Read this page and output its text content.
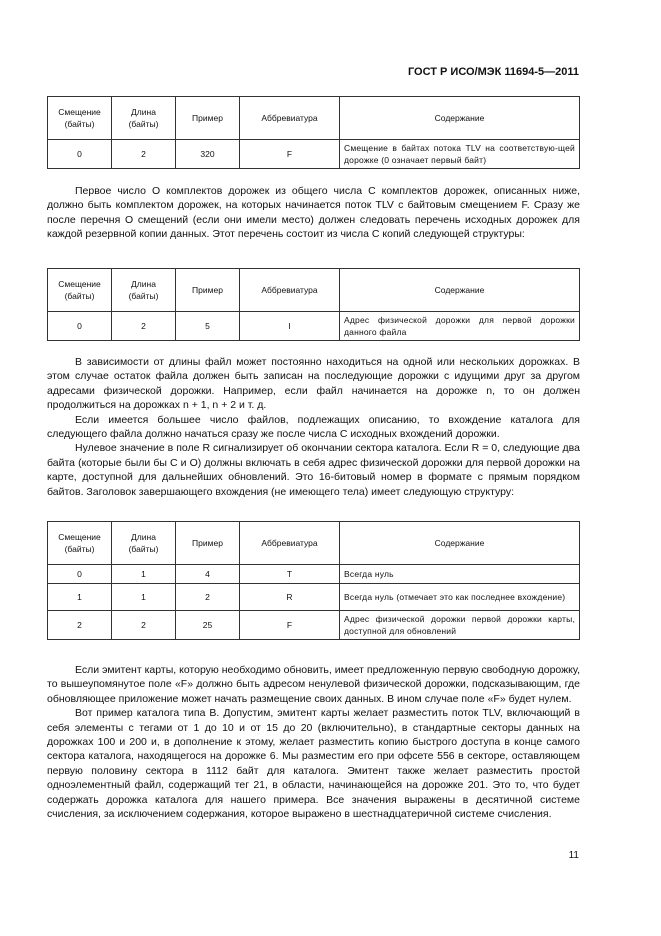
ГОСТ Р ИСО/МЭК 11694-5—2011
Смещение (байты)	Длина (байты)	Пример	Аббревиатура	Содержание
0	2	320	F	Смещение в байтах потока TLV на соответствую-щей дорожке (0 означает первый байт)
Первое число O комплектов дорожек из общего числа C комплектов дорожек, описанных ниже, должно быть комплектом дорожек, на которых начинается поток TLV с байтовым смещением F. Сразу же после перечня O смещений (если они имели место) должен следовать перечень исходных дорожек для каждой резервной копии данных. Этот перечень состоит из числа C копий следующей структуры:
Смещение (байты)	Длина (байты)	Пример	Аббревиатура	Содержание
0	2	5	I	Адрес физической дорожки для первой дорожки данного файла
В зависимости от длины файл может постоянно находиться на одной или нескольких дорожках. В этом случае остаток файла должен быть записан на последующие дорожки с идущими друг за другом адресами физической дорожки. Например, если файл начинается на дорожке n, то он должен продолжиться на дорожках n + 1, n + 2 и т. д.
Если имеется большее число файлов, подлежащих описанию, то вхождение каталога для следующего файла должно начаться сразу же после числа C исходных вхождений дорожки.
Нулевое значение в поле R сигнализирует об окончании сектора каталога. Если R = 0, следующие два байта (которые были бы C и O) должны включать в себя адрес физической дорожки для первой дорожки на карте, доступной для дальнейших обновлений. Это 16-битовый номер в формате с прямым порядком байтов. Заголовок завершающего вхождения (не имеющего тела) имеет следующую структуру:
Смещение (байты)	Длина (байты)	Пример	Аббревиатура	Содержание
0	1	4	T	Всегда нуль
1	1	2	R	Всегда нуль (отмечает это как последнее вхождение)
2	2	25	F	Адрес физической дорожки первой дорожки карты, доступной для обновлений
Если эмитент карты, которую необходимо обновить, имеет предложенную первую свободную дорожку, то вышеупомянутое поле «F» должно быть адресом ненулевой физической дорожки, подсказывающим, где обновляющее приложение может начать размещение своих данных. В ином случае поле «F» будет нулем.
Вот пример каталога типа B. Допустим, эмитент карты желает разместить поток TLV, включающий в себя элементы с тегами от 1 до 10 и от 15 до 20 (включительно), в стандартные секторы данных на дорожках 100 и 200 и, в дополнение к этому, желает разместить копию быстрого доступа в конце самого сектора каталога, находящегося на дорожке 6. Мы разместим его при офсете 556 в секторе, оставляющем первую половину сектора в 1112 байт для каталога. Эмитент также желает разместить простой одноэлементный файл, содержащий тег 21, в области, начинающейся на дорожке 201. Это то, что будет содержать дорожка каталога для нашего примера. Все значения выражены в десятичной системе счисления, за исключением содержания, которое выражено в шестнадцатеричной системе счисления.
11
